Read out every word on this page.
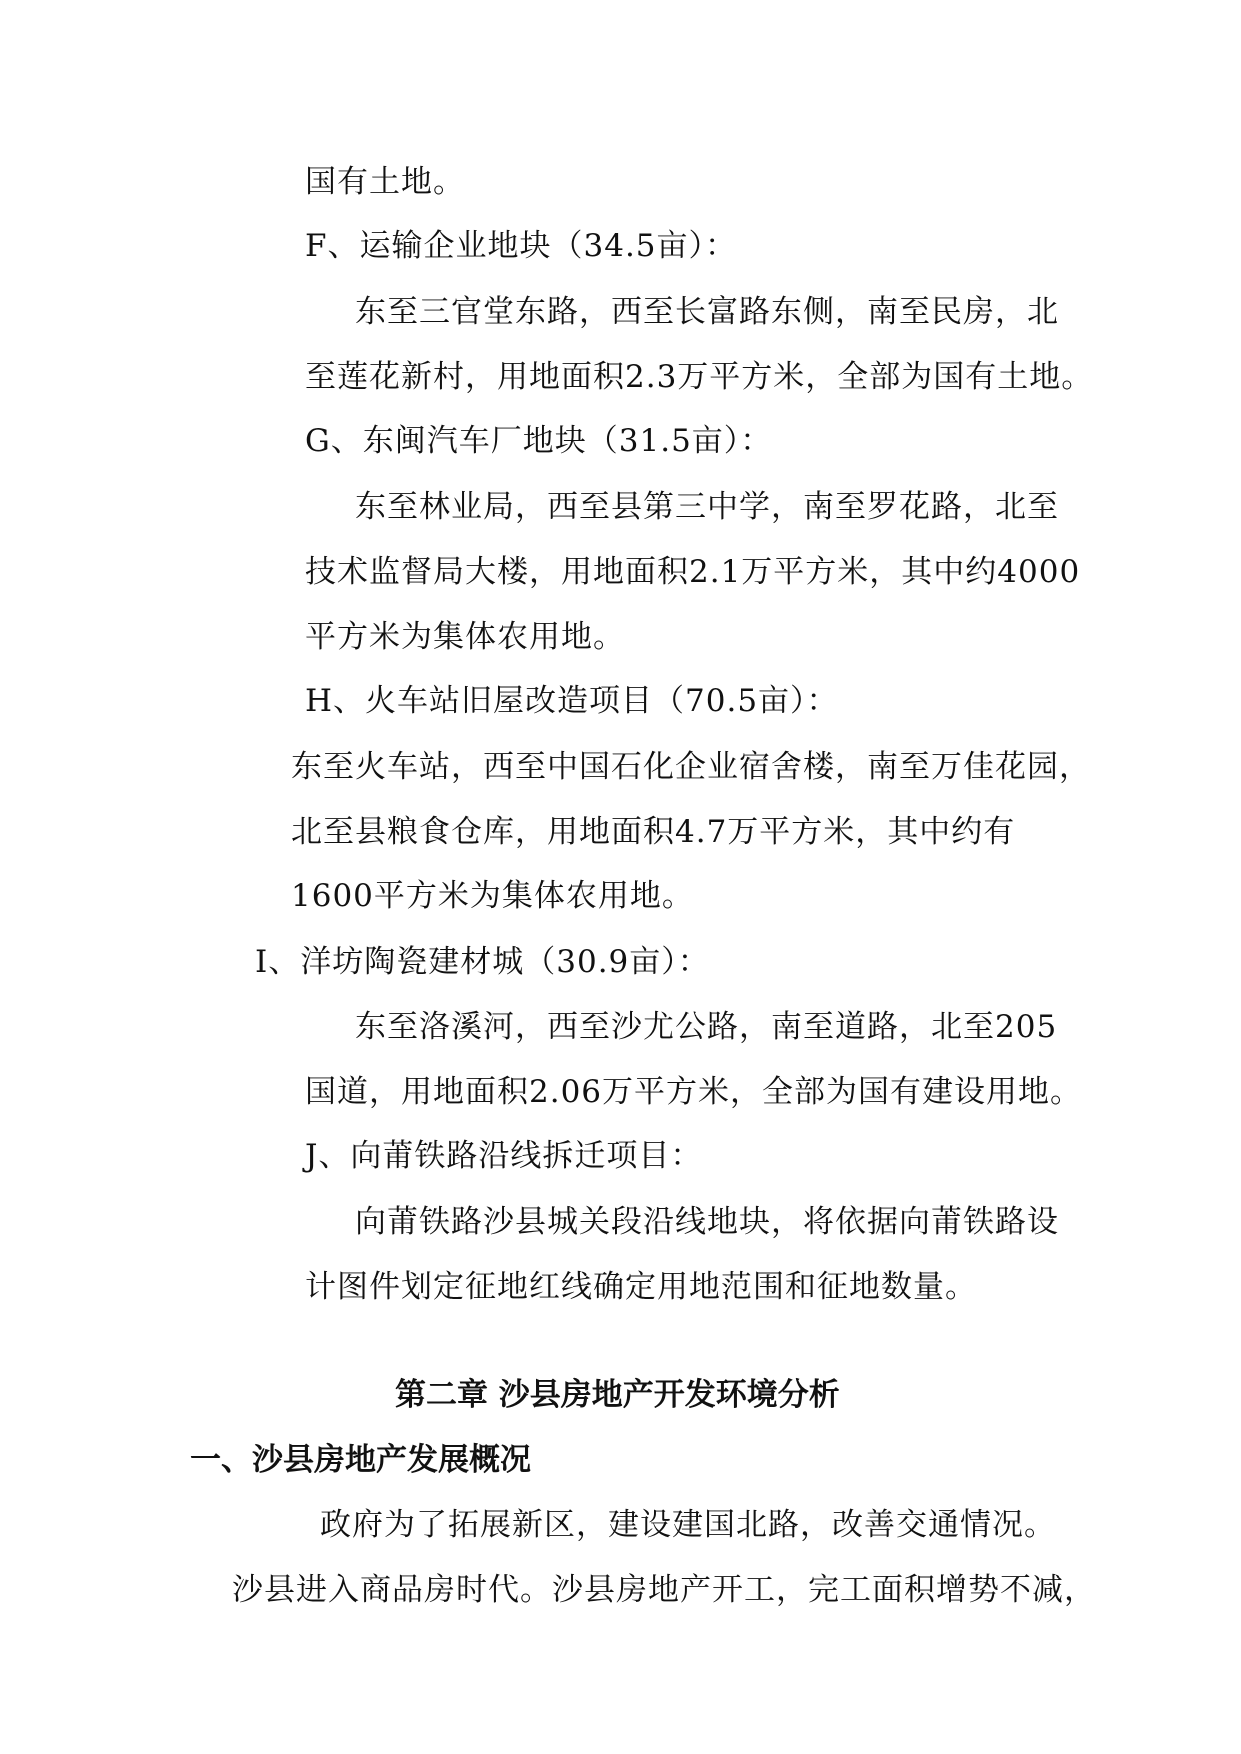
国有土地。

F、运输企业地块（34.5亩）：

东至三官堂东路，西至长富路东侧，南至民房，北

至莲花新村，用地面积2.3万平方米，全部为国有土地。

G、东闽汽车厂地块（31.5亩）：

东至林业局，西至县第三中学，南至罗花路，北至

技术监督局大楼，用地面积2.1万平方米，其中约4000

平方米为集体农用地。

H、火车站旧屋改造项目（70.5亩）：

东至火车站，西至中国石化企业宿舍楼，南至万佳花园，

北至县粮食仓库，用地面积4.7万平方米，其中约有

1600平方米为集体农用地。

I、洋坊陶瓷建材城（30.9亩）：

东至洛溪河，西至沙尤公路，南至道路，北至205

国道，用地面积2.06万平方米，全部为国有建设用地。

J、向莆铁路沿线拆迁项目：

向莆铁路沙县城关段沿线地块，将依据向莆铁路设

计图件划定征地红线确定用地范围和征地数量。

第二章 沙县房地产开发环境分析
一、沙县房地产发展概况

政府为了拓展新区，建设建国北路，改善交通情况。

沙县进入商品房时代。沙县房地产开工，完工面积增势不减，
